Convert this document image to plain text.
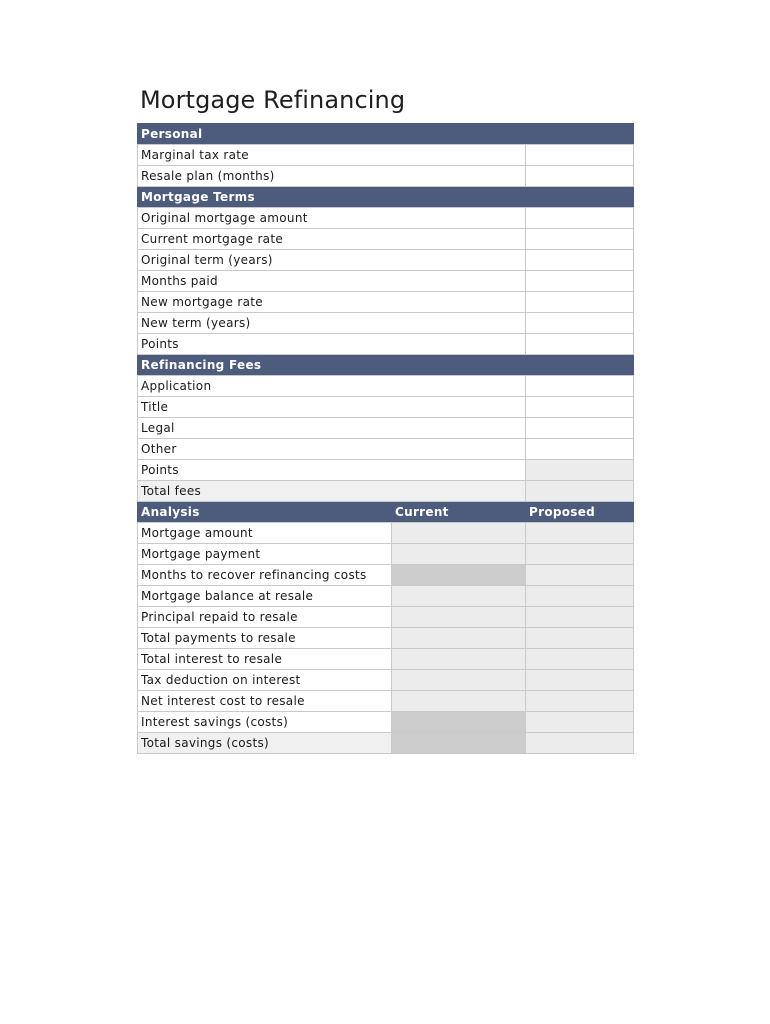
Mortgage Refinancing
Personal		
Marginal tax rate		
Resale plan (months)		
Mortgage Terms		
Original mortgage amount		
Current mortgage rate		
Original term (years)		
Months paid		
New mortgage rate		
New term (years)		
Points		
Refinancing Fees		
Application		
Title		
Legal		
Other		
Points		
Total fees		
Analysis	Current	Proposed
Mortgage amount		
Mortgage payment		
Months to recover refinancing costs		
Mortgage balance at resale		
Principal repaid to resale		
Total payments to resale		
Total interest to resale		
Tax deduction on interest		
Net interest cost to resale		
Interest savings (costs)		
Total savings (costs)		
